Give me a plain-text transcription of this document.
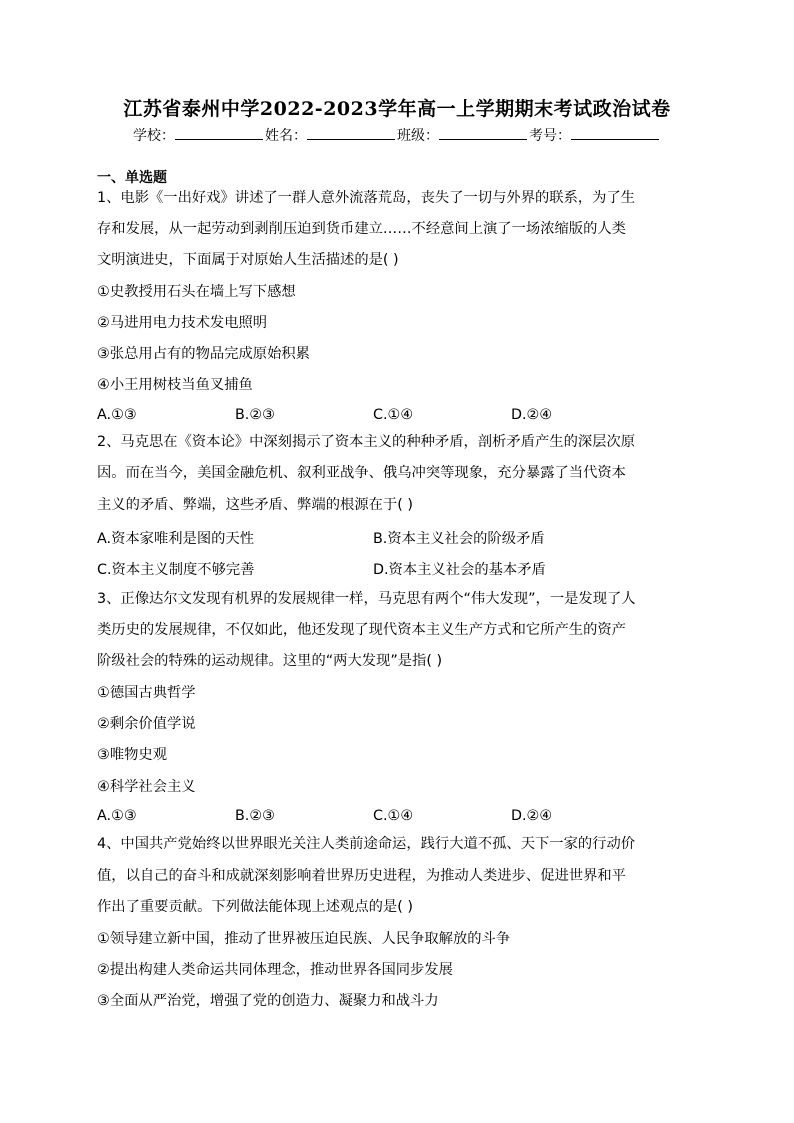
江苏省泰州中学2022-2023学年高一上学期期末考试政治试卷
学校：	姓名：	班级：	考号：
一、单选题
1、电影《一出好戏》讲述了一群人意外流落荒岛，丧失了一切与外界的联系，为了生
存和发展，从一起劳动到剥削压迫到货币建立……不经意间上演了一场浓缩版的人类
文明演进史，下面属于对原始人生活描述的是( )
①史教授用石头在墙上写下感想
②马进用电力技术发电照明
③张总用占有的物品完成原始积累
④小王用树枝当鱼叉捕鱼
A.①③	B.②③	C.①④	D.②④
2、马克思在《资本论》中深刻揭示了资本主义的种种矛盾，剖析矛盾产生的深层次原
因。而在当今，美国金融危机、叙利亚战争、俄乌冲突等现象，充分暴露了当代资本
主义的矛盾、弊端，这些矛盾、弊端的根源在于( )
A.资本家唯利是图的天性	B.资本主义社会的阶级矛盾
C.资本主义制度不够完善	D.资本主义社会的基本矛盾
3、正像达尔文发现有机界的发展规律一样，马克思有两个“伟大发现”，一是发现了人
类历史的发展规律，不仅如此，他还发现了现代资本主义生产方式和它所产生的资产
阶级社会的特殊的运动规律。这里的“两大发现”是指( )
①德国古典哲学
②剩余价值学说
③唯物史观
④科学社会主义
A.①③	B.②③	C.①④	D.②④
4、中国共产党始终以世界眼光关注人类前途命运，践行大道不孤、天下一家的行动价
值，以自己的奋斗和成就深刻影响着世界历史进程，为推动人类进步、促进世界和平
作出了重要贡献。下列做法能体现上述观点的是( )
①领导建立新中国，推动了世界被压迫民族、人民争取解放的斗争
②提出构建人类命运共同体理念，推动世界各国同步发展
③全面从严治党，增强了党的创造力、凝聚力和战斗力
